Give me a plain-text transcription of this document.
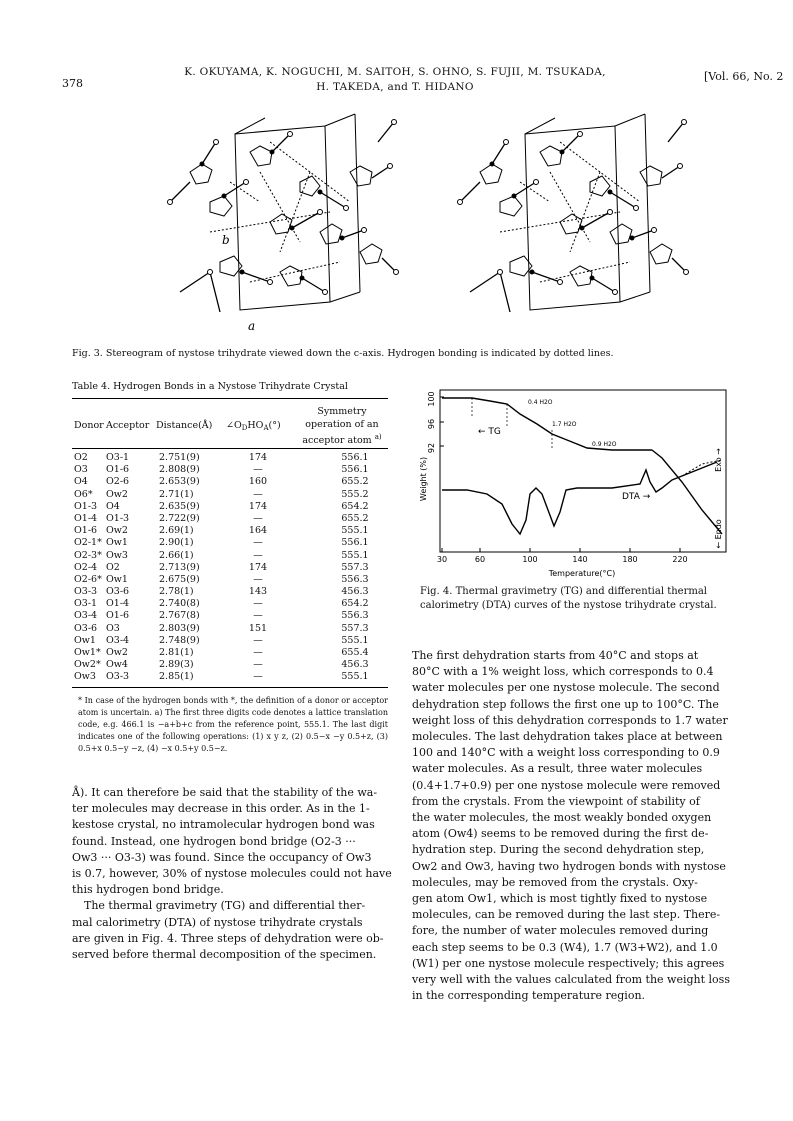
378
K. OKUYAMA, K. NOGUCHI, M. SAITOH, S. OHNO, S. FUJII, M. TSUKADA,
H. TAKEDA, and T. HIDANO
[Vol. 66, No. 2
b
a
Fig. 3. Stereogram of nystose trihydrate viewed down the c-axis. Hydrogen bonding is indicated by dotted lines.
Table 4. Hydrogen Bonds in a Nystose Trihydrate Crystal
Donor Acceptor Distance(Å) $\angle O_DHO_A(^\circ)$
Symmetry
operation of an
acceptor atom $^{a)}$
O2 O3-1	2.751(9)	174	556.1
O3 O1-6	2.808(9)	—	556.1
O4 O2-6	2.653(9)	160	655.2
O6* Ow2	2.71(1)	—	555.2
O1-3 O4	2.635(9)	174	654.2
O1-4 O1-3	2.722(9)	—	655.2
O1-6 Ow2	2.69(1)	164	555.1
O2-1* Ow1	2.90(1)	—	556.1
O2-3* Ow3	2.66(1)	—	555.1
O2-4 O2	2.713(9)	174	557.3
O2-6* Ow1	2.675(9)	—	556.3
O3-3 O3-6	2.78(1)	143	456.3
O3-1 O1-4	2.740(8)	—	654.2
O3-4 O1-6	2.767(8)	—	556.3
O3-6 O3	2.803(9)	151	557.3
Ow1 O3-4	2.748(9)	—	555.1
Ow1* Ow2	2.81(1)	—	655.4
Ow2* Ow4	2.89(3)	—	456.3
Ow3 O3-3	2.85(1)	—	555.1
* In case of the hydrogen bonds with *, the definition of a donor or acceptor atom is uncertain. a) The first three digits code denotes a lattice translation code, e.g. 466.1 is −a+b+c from the reference point, 555.1. The last digit indicates one of the following operations: (1) x y z, (2) 0.5−x −y 0.5+z, (3) 0.5+x 0.5−y −z, (4) −x 0.5+y 0.5−z.
Å). It can therefore be said that the stability of the wa-
ter molecules may decrease in this order. As in the 1-
kestose crystal, no intramolecular hydrogen bond was
found. Instead, one hydrogen bond bridge (O2-3 ···
Ow3 ··· O3-3) was found. Since the occupancy of Ow3
is 0.7, however, 30% of nystose molecules could not have
this hydrogen bond bridge.
The thermal gravimetry (TG) and differential ther-
mal calorimetry (DTA) of nystose trihydrate crystals
are given in Fig. 4. Three steps of dehydration were ob-
served before thermal decomposition of the specimen.
Weight (%)
100
96
92
0.4 H2O
1.7 H2O
0.9 H2O
← TG
DTA →
Exo →
← Endo
30	60	100	140	180	220
Temperature(°C)
Fig. 4. Thermal gravimetry (TG) and differential thermal calorimetry (DTA) curves of the nystose trihydrate crystal.
The first dehydration starts from 40°C and stops at
80°C with a 1% weight loss, which corresponds to 0.4
water molecules per one nystose molecule. The second
dehydration step follows the first one up to 100°C. The
weight loss of this dehydration corresponds to 1.7 water
molecules. The last dehydration takes place at between
100 and 140°C with a weight loss corresponding to 0.9
water molecules. As a result, three water molecules
(0.4+1.7+0.9) per one nystose molecule were removed
from the crystals. From the viewpoint of stability of
the water molecules, the most weakly bonded oxygen
atom (Ow4) seems to be removed during the first de-
hydration step. During the second dehydration step,
Ow2 and Ow3, having two hydrogen bonds with nystose
molecules, may be removed from the crystals. Oxy-
gen atom Ow1, which is most tightly fixed to nystose
molecules, can be removed during the last step. There-
fore, the number of water molecules removed during
each step seems to be 0.3 (W4), 1.7 (W3+W2), and 1.0
(W1) per one nystose molecule respectively; this agrees
very well with the values calculated from the weight loss
in the corresponding temperature region.
